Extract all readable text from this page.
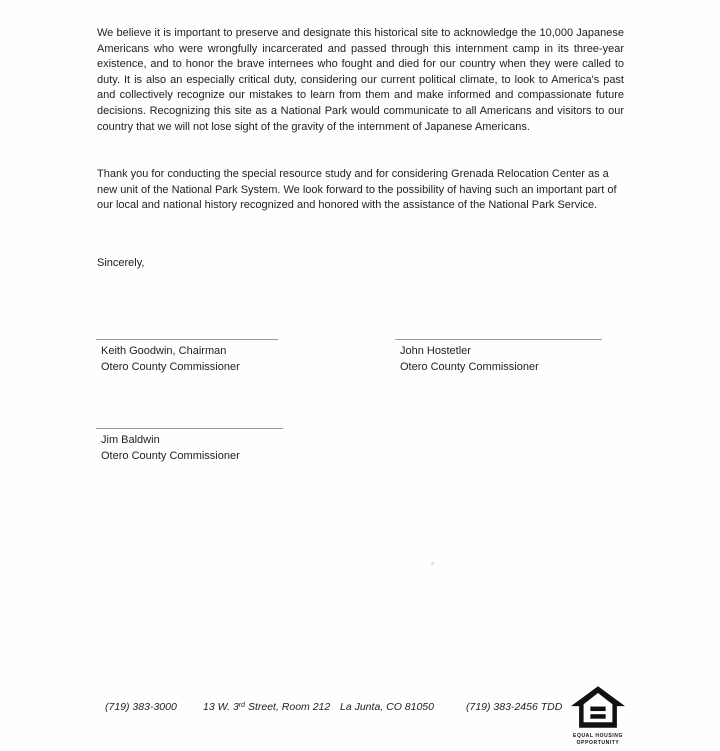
We believe it is important to preserve and designate this historical site to acknowledge the 10,000 Japanese Americans who were wrongfully incarcerated and passed through this internment camp in its three-year existence, and to honor the brave internees who fought and died for our country when they were called to duty. It is also an especially critical duty, considering our current political climate, to look to America's past and collectively recognize our mistakes to learn from them and make informed and compassionate future decisions. Recognizing this site as a National Park would communicate to all Americans and visitors to our country that we will not lose sight of the gravity of the internment of Japanese Americans.

Thank you for conducting the special resource study and for considering Grenada Relocation Center as a new unit of the National Park System. We look forward to the possibility of having such an important part of our local and national history recognized and honored with the assistance of the National Park Service.

Sincerely,

Keith Goodwin, Chairman
Otero County Commissioner
John Hostetler
Otero County Commissioner
Jim Baldwin
Otero County Commissioner
(719) 383-3000 13 W. 3rd Street, Room 212 La Junta, CO 81050	(719) 383-2456 TDD
EQUAL HOUSING
OPPORTUNITY
